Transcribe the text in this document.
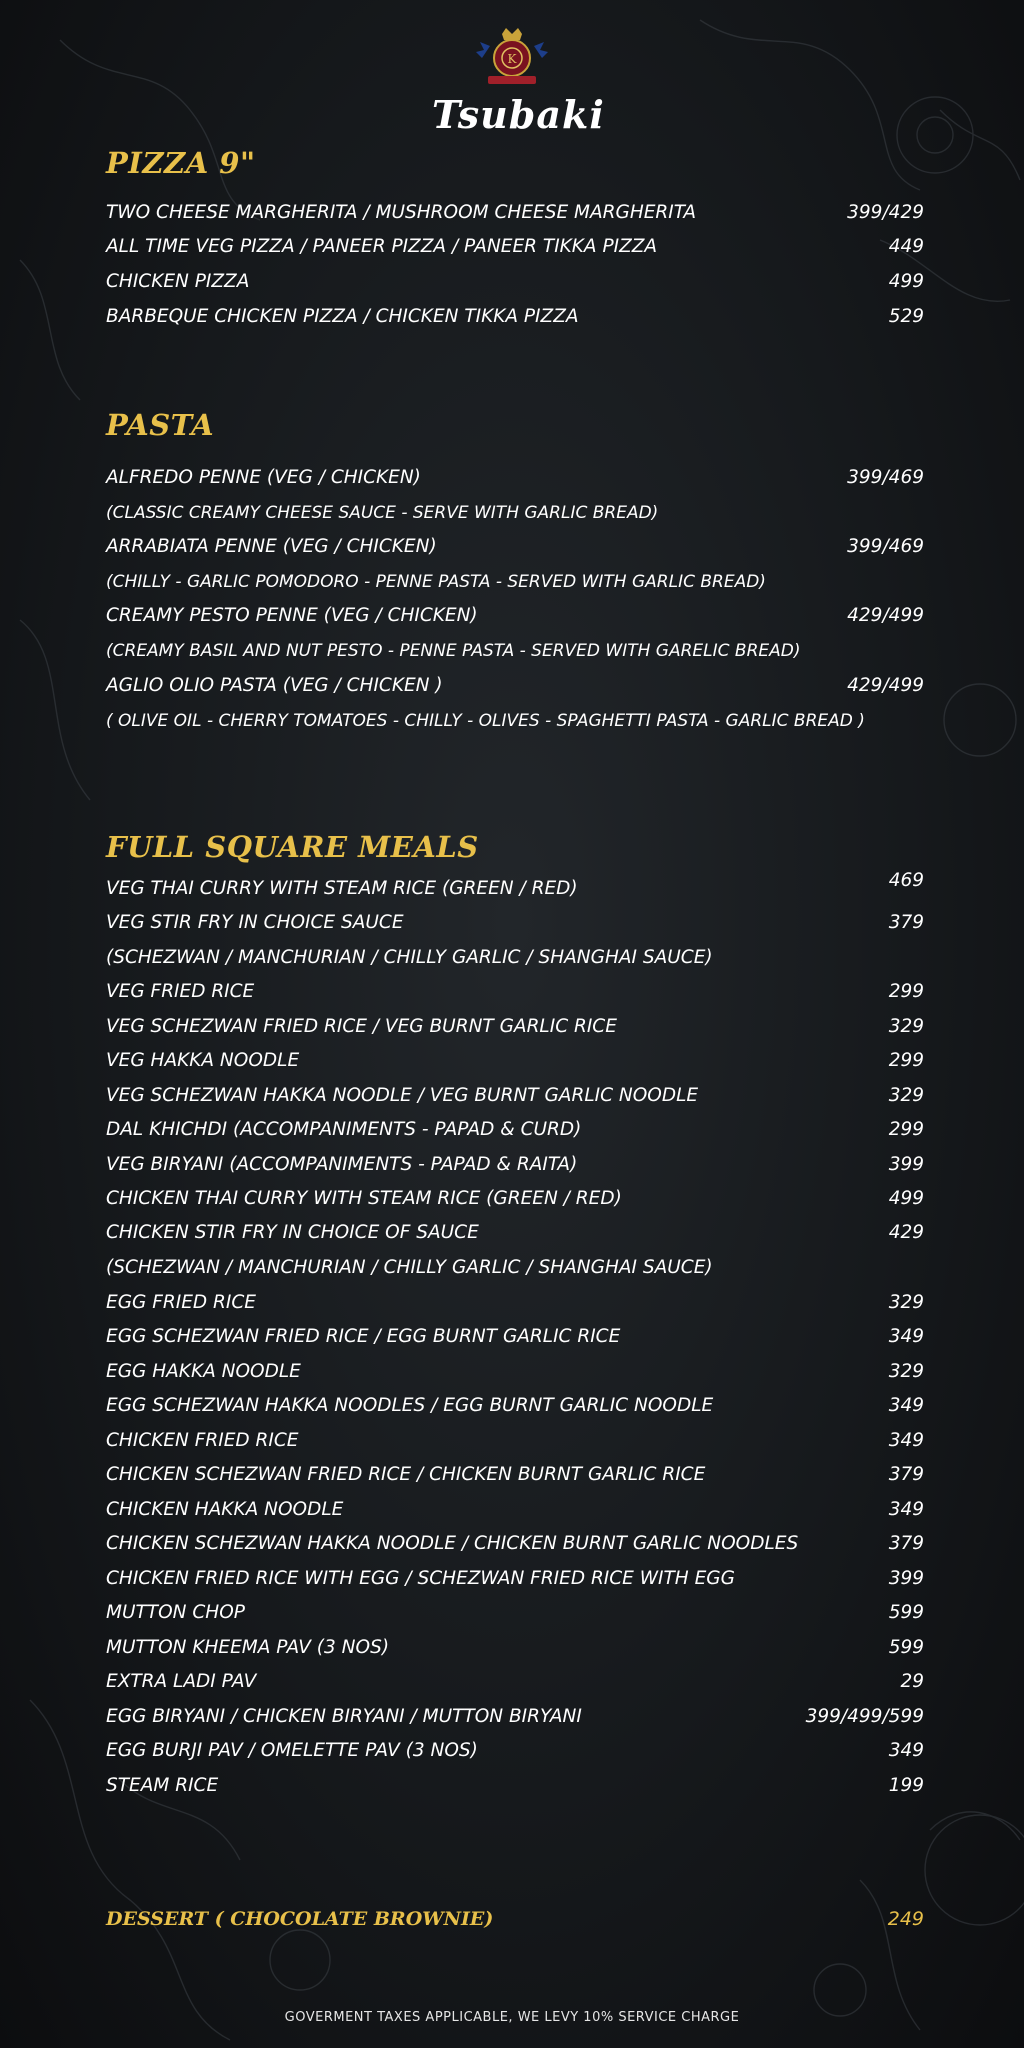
K
Tsubaki
PIZZA 9"
TWO CHEESE MARGHERITA / MUSHROOM CHEESE MARGHERITA	399/429
ALL TIME VEG PIZZA / PANEER PIZZA / PANEER TIKKA PIZZA	449
CHICKEN PIZZA	499
BARBEQUE CHICKEN PIZZA / CHICKEN TIKKA PIZZA	529
PASTA
ALFREDO PENNE (VEG / CHICKEN)	399/469
(CLASSIC CREAMY CHEESE SAUCE - SERVE WITH GARLIC BREAD)
ARRABIATA PENNE (VEG / CHICKEN)	399/469
(CHILLY - GARLIC POMODORO - PENNE PASTA - SERVED WITH GARLIC BREAD)
CREAMY PESTO PENNE (VEG / CHICKEN)	429/499
(CREAMY BASIL AND NUT PESTO - PENNE PASTA - SERVED WITH GARELIC BREAD)
AGLIO OLIO PASTA (VEG / CHICKEN )	429/499
( OLIVE OIL - CHERRY TOMATOES - CHILLY - OLIVES - SPAGHETTI PASTA - GARLIC BREAD )
FULL SQUARE MEALS
VEG THAI CURRY WITH STEAM RICE (GREEN / RED)	469
VEG STIR FRY IN CHOICE SAUCE	379
(SCHEZWAN / MANCHURIAN / CHILLY GARLIC / SHANGHAI SAUCE)
VEG FRIED RICE	299
VEG SCHEZWAN FRIED RICE / VEG BURNT GARLIC RICE	329
VEG HAKKA NOODLE	299
VEG SCHEZWAN HAKKA NOODLE / VEG BURNT GARLIC NOODLE	329
DAL KHICHDI (ACCOMPANIMENTS - PAPAD & CURD)	299
VEG BIRYANI (ACCOMPANIMENTS - PAPAD & RAITA)	399
CHICKEN THAI CURRY WITH STEAM RICE (GREEN / RED)	499
CHICKEN STIR FRY IN CHOICE OF SAUCE	429
(SCHEZWAN / MANCHURIAN / CHILLY GARLIC / SHANGHAI SAUCE)
EGG FRIED RICE	329
EGG SCHEZWAN FRIED RICE / EGG BURNT GARLIC RICE	349
EGG HAKKA NOODLE	329
EGG SCHEZWAN HAKKA NOODLES / EGG BURNT GARLIC NOODLE	349
CHICKEN FRIED RICE	349
CHICKEN SCHEZWAN FRIED RICE / CHICKEN BURNT GARLIC RICE	379
CHICKEN HAKKA NOODLE	349
CHICKEN SCHEZWAN HAKKA NOODLE / CHICKEN BURNT GARLIC NOODLES	379
CHICKEN FRIED RICE WITH EGG / SCHEZWAN FRIED RICE WITH EGG	399
MUTTON CHOP	599
MUTTON KHEEMA PAV (3 NOS)	599
EXTRA LADI PAV	29
EGG BIRYANI / CHICKEN BIRYANI / MUTTON BIRYANI	399/499/599
EGG BURJI PAV / OMELETTE PAV (3 NOS)	349
STEAM RICE	199
DESSERT ( CHOCOLATE BROWNIE)	249
GOVERMENT TAXES APPLICABLE, WE LEVY 10% SERVICE CHARGE
